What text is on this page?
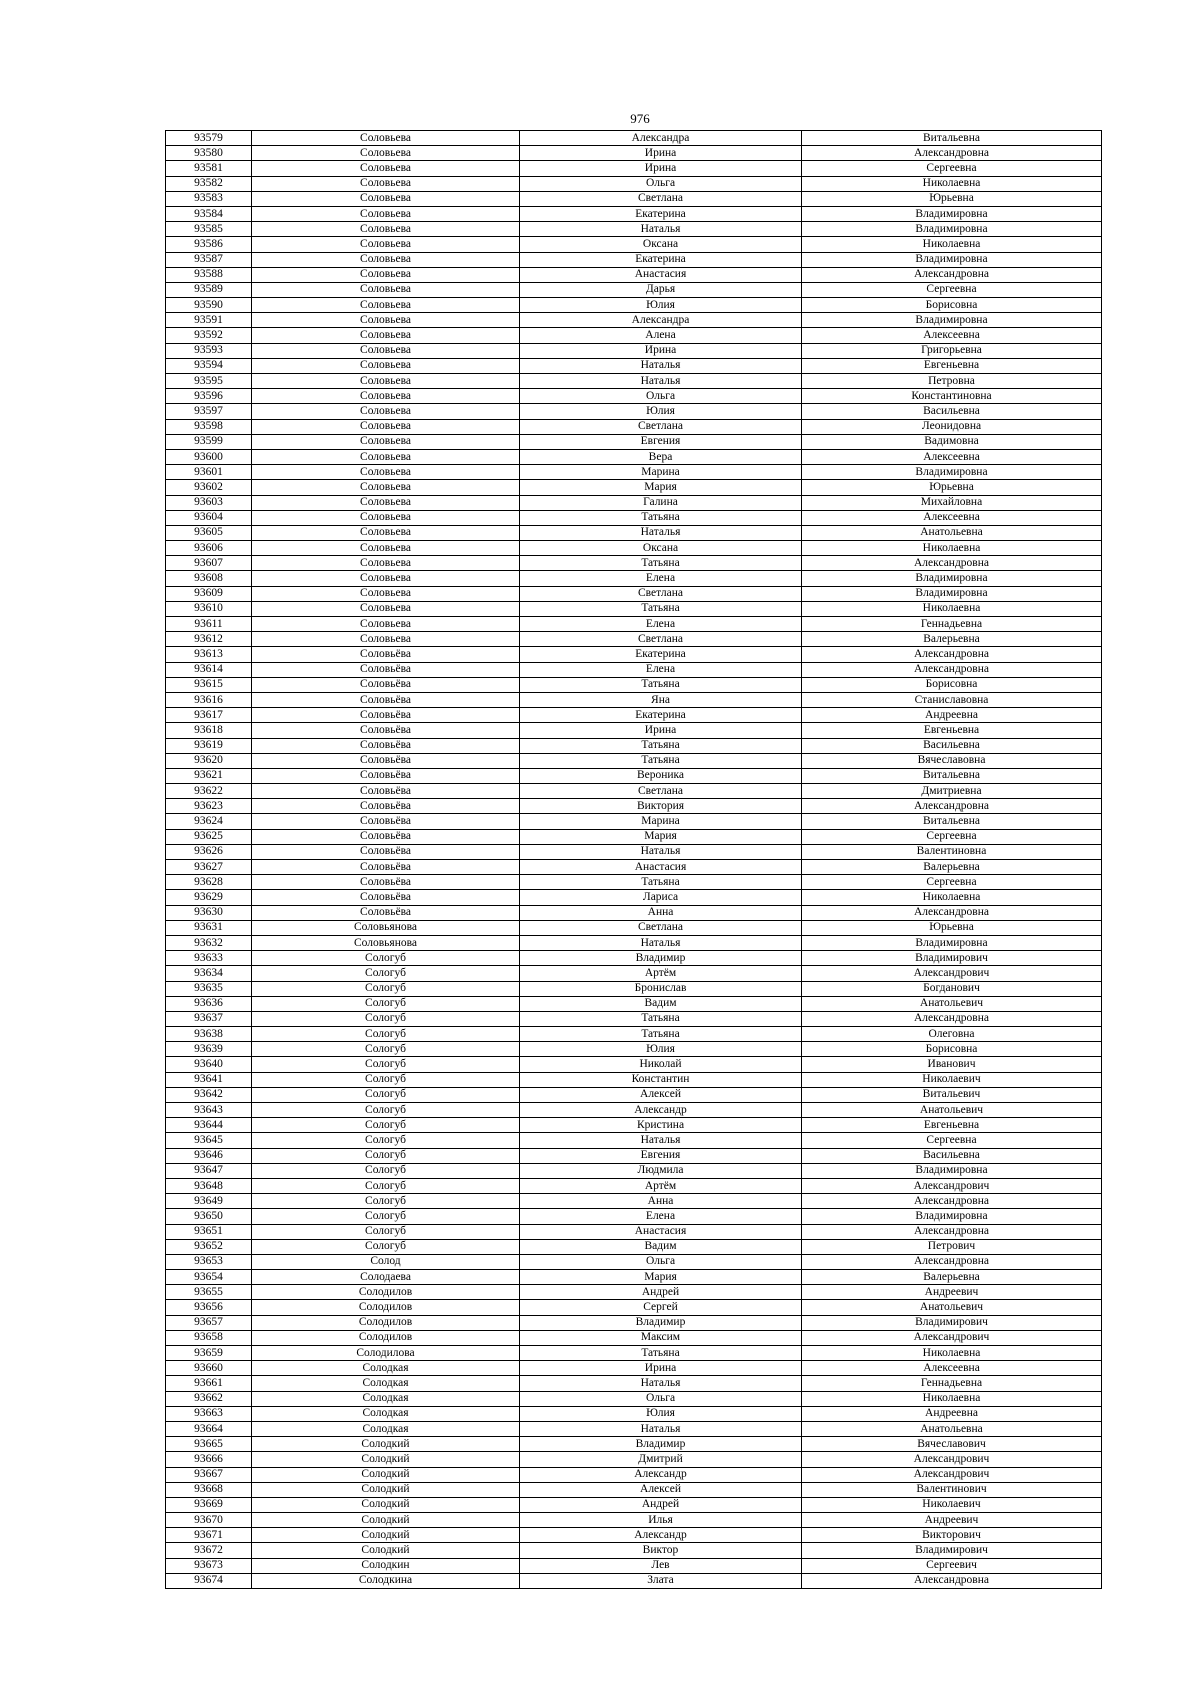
976
93579	Соловьева	Александра	Витальевна
93580	Соловьева	Ирина	Александровна
93581	Соловьева	Ирина	Сергеевна
93582	Соловьева	Ольга	Николаевна
93583	Соловьева	Светлана	Юрьевна
93584	Соловьева	Екатерина	Владимировна
93585	Соловьева	Наталья	Владимировна
93586	Соловьева	Оксана	Николаевна
93587	Соловьева	Екатерина	Владимировна
93588	Соловьева	Анастасия	Александровна
93589	Соловьева	Дарья	Сергеевна
93590	Соловьева	Юлия	Борисовна
93591	Соловьева	Александра	Владимировна
93592	Соловьева	Алена	Алексеевна
93593	Соловьева	Ирина	Григорьевна
93594	Соловьева	Наталья	Евгеньевна
93595	Соловьева	Наталья	Петровна
93596	Соловьева	Ольга	Константиновна
93597	Соловьева	Юлия	Васильевна
93598	Соловьева	Светлана	Леонидовна
93599	Соловьева	Евгения	Вадимовна
93600	Соловьева	Вера	Алексеевна
93601	Соловьева	Марина	Владимировна
93602	Соловьева	Мария	Юрьевна
93603	Соловьева	Галина	Михайловна
93604	Соловьева	Татьяна	Алексеевна
93605	Соловьева	Наталья	Анатольевна
93606	Соловьева	Оксана	Николаевна
93607	Соловьева	Татьяна	Александровна
93608	Соловьева	Елена	Владимировна
93609	Соловьева	Светлана	Владимировна
93610	Соловьева	Татьяна	Николаевна
93611	Соловьева	Елена	Геннадьевна
93612	Соловьева	Светлана	Валерьевна
93613	Соловьёва	Екатерина	Александровна
93614	Соловьёва	Елена	Александровна
93615	Соловьёва	Татьяна	Борисовна
93616	Соловьёва	Яна	Станиславовна
93617	Соловьёва	Екатерина	Андреевна
93618	Соловьёва	Ирина	Евгеньевна
93619	Соловьёва	Татьяна	Васильевна
93620	Соловьёва	Татьяна	Вячеславовна
93621	Соловьёва	Вероника	Витальевна
93622	Соловьёва	Светлана	Дмитриевна
93623	Соловьёва	Виктория	Александровна
93624	Соловьёва	Марина	Витальевна
93625	Соловьёва	Мария	Сергеевна
93626	Соловьёва	Наталья	Валентиновна
93627	Соловьёва	Анастасия	Валерьевна
93628	Соловьёва	Татьяна	Сергеевна
93629	Соловьёва	Лариса	Николаевна
93630	Соловьёва	Анна	Александровна
93631	Соловьянова	Светлана	Юрьевна
93632	Соловьянова	Наталья	Владимировна
93633	Сологуб	Владимир	Владимирович
93634	Сологуб	Артём	Александрович
93635	Сологуб	Бронислав	Богданович
93636	Сологуб	Вадим	Анатольевич
93637	Сологуб	Татьяна	Александровна
93638	Сологуб	Татьяна	Олеговна
93639	Сологуб	Юлия	Борисовна
93640	Сологуб	Николай	Иванович
93641	Сологуб	Константин	Николаевич
93642	Сологуб	Алексей	Витальевич
93643	Сологуб	Александр	Анатольевич
93644	Сологуб	Кристина	Евгеньевна
93645	Сологуб	Наталья	Сергеевна
93646	Сологуб	Евгения	Васильевна
93647	Сологуб	Людмила	Владимировна
93648	Сологуб	Артём	Александрович
93649	Сологуб	Анна	Александровна
93650	Сологуб	Елена	Владимировна
93651	Сологуб	Анастасия	Александровна
93652	Сологуб	Вадим	Петрович
93653	Солод	Ольга	Александровна
93654	Солодаева	Мария	Валерьевна
93655	Солодилов	Андрей	Андреевич
93656	Солодилов	Сергей	Анатольевич
93657	Солодилов	Владимир	Владимирович
93658	Солодилов	Максим	Александрович
93659	Солодилова	Татьяна	Николаевна
93660	Солодкая	Ирина	Алексеевна
93661	Солодкая	Наталья	Геннадьевна
93662	Солодкая	Ольга	Николаевна
93663	Солодкая	Юлия	Андреевна
93664	Солодкая	Наталья	Анатольевна
93665	Солодкий	Владимир	Вячеславович
93666	Солодкий	Дмитрий	Александрович
93667	Солодкий	Александр	Александрович
93668	Солодкий	Алексей	Валентинович
93669	Солодкий	Андрей	Николаевич
93670	Солодкий	Илья	Андреевич
93671	Солодкий	Александр	Викторович
93672	Солодкий	Виктор	Владимирович
93673	Солодкин	Лев	Сергеевич
93674	Солодкина	Злата	Александровна
